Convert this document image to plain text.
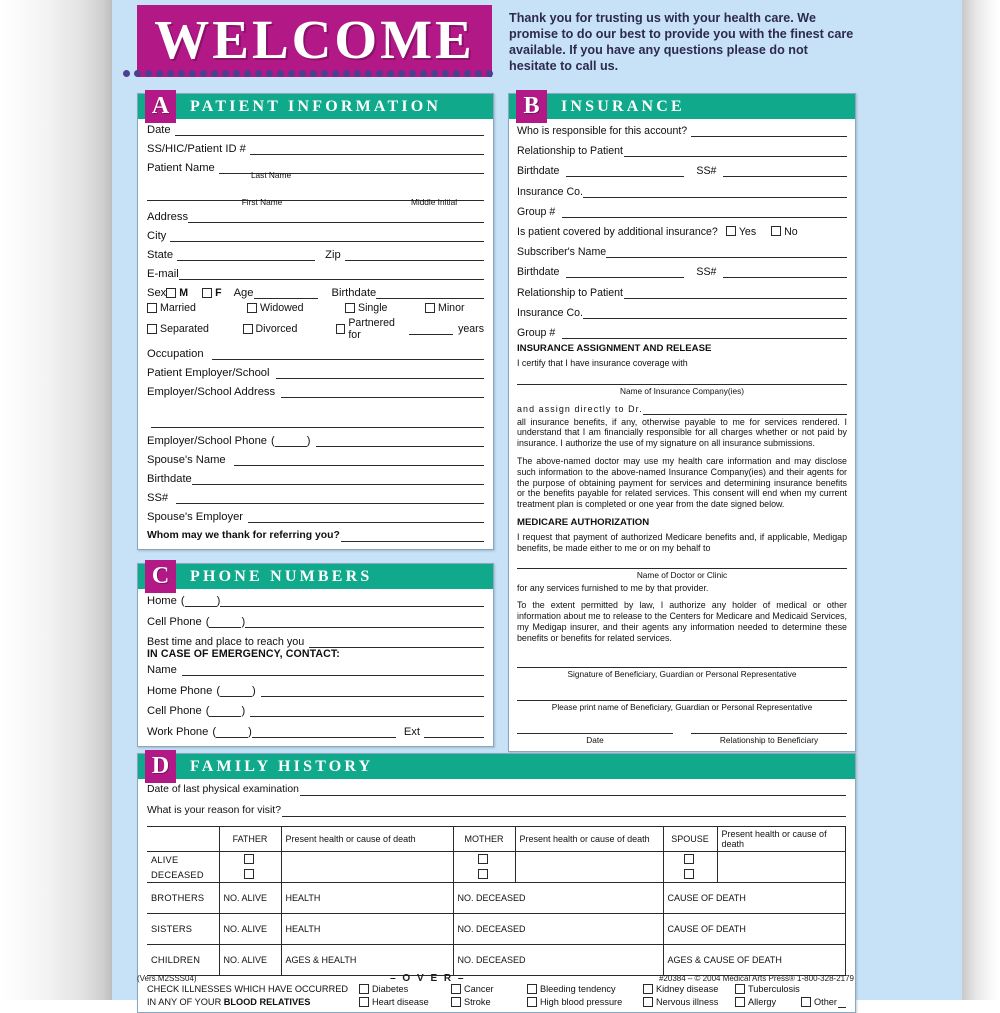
WELCOME	Thank you for trusting us with your health care. We promise to do our best to provide you with the finest care available. If you have any questions please do not hesitate to call us.
A	PATIENT INFORMATION
Date
SS/HIC/Patient ID #
Patient Name
Last Name
First Name	Middle Initial
Address
City
State	Zip
E-mail
Sex M	F Age	Birthdate
Married	Widowed	Single	Minor
Separated	Divorced	Partnered for	years
Occupation
Patient Employer/School
Employer/School Address
Employer/School Phone (	)
Spouse's Name
Birthdate
SS#
Spouse's Employer
Whom may we thank for referring you?
C	PHONE NUMBERS
Home (	)
Cell Phone (	)
Best time and place to reach you
IN CASE OF EMERGENCY, CONTACT:
Name
Home Phone (	)
Cell Phone (	)
Work Phone (	)	Ext
B	INSURANCE
Who is responsible for this account?
Relationship to Patient
Birthdate	SS#
Insurance Co.
Group #
Is patient covered by additional insurance?	Yes	No
Subscriber's Name
Birthdate	SS#
Relationship to Patient
Insurance Co.
Group #
INSURANCE ASSIGNMENT AND RELEASE
I certify that I have insurance coverage with
Name of Insurance Company(ies)
and assign directly to Dr.
all insurance benefits, if any, otherwise payable to me for services rendered. I understand that I am financially responsible for all charges whether or not paid by insurance. I authorize the use of my signature on all insurance submissions.
The above-named doctor may use my health care information and may disclose such information to the above-named Insurance Company(ies) and their agents for the purpose of obtaining payment for services and determining insurance benefits or the benefits payable for related services. This consent will end when my current treatment plan is completed or one year from the date signed below.
MEDICARE AUTHORIZATION
I request that payment of authorized Medicare benefits and, if applicable, Medigap benefits, be made either to me or on my behalf to
Name of Doctor or Clinic
for any services furnished to me by that provider.
To the extent permitted by law, I authorize any holder of medical or other information about me to release to the Centers for Medicare and Medicaid Services, my Medigap insurer, and their agents any information needed to determine these benefits or benefits for related services.
Signature of Beneficiary, Guardian or Personal Representative
Please print name of Beneficiary, Guardian or Personal Representative
Date	Relationship to Beneficiary
D	FAMILY HISTORY
Date of last physical examination
What is your reason for visit?
	FATHER	Present health or cause of death	MOTHER	Present health or cause of death	SPOUSE	Present health or cause of death
ALIVE						
DECEASED						
BROTHERS	NO. ALIVE	HEALTH	NO. DECEASED		CAUSE OF DEATH	
SISTERS	NO. ALIVE	HEALTH	NO. DECEASED		CAUSE OF DEATH	
CHILDREN	NO. ALIVE	AGES & HEALTH	NO. DECEASED		AGES & CAUSE OF DEATH	
CHECK ILLNESSES WHICH HAVE OCCURRED
IN ANY OF YOUR BLOOD RELATIVES
Diabetes	Cancer	Bleeding tendency	Kidney disease	Tuberculosis
Heart disease	Stroke	High blood pressure	Nervous illness	Allergy	Other
(Vers.M2SSS04)	– O V E R –	#20384 – © 2004 Medical Arts Press® 1-800-328-2179
